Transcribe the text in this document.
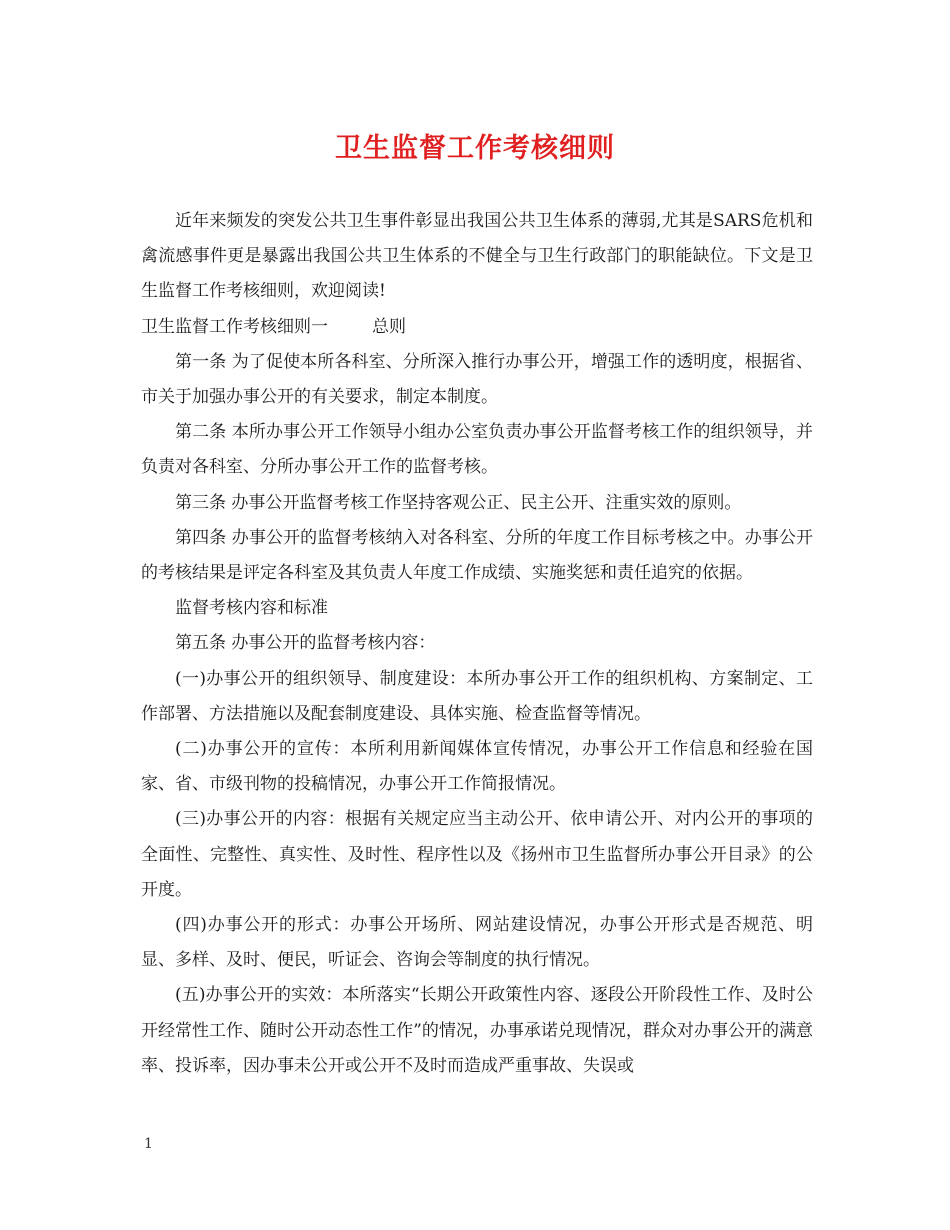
卫生监督工作考核细则

近年来频发的突发公共卫生事件彰显出我国公共卫生体系的薄弱,尤其是SARS危机和禽流感事件更是暴露出我国公共卫生体系的不健全与卫生行政部门的职能缺位。下文是卫生监督工作考核细则，欢迎阅读!

卫生监督工作考核细则一	总则

第一条 为了促使本所各科室、分所深入推行办事公开，增强工作的透明度，根据省、市关于加强办事公开的有关要求，制定本制度。

第二条 本所办事公开工作领导小组办公室负责办事公开监督考核工作的组织领导，并负责对各科室、分所办事公开工作的监督考核。

第三条 办事公开监督考核工作坚持客观公正、民主公开、注重实效的原则。

第四条 办事公开的监督考核纳入对各科室、分所的年度工作目标考核之中。办事公开的考核结果是评定各科室及其负责人年度工作成绩、实施奖惩和责任追究的依据。

监督考核内容和标准

第五条 办事公开的监督考核内容：

(一)办事公开的组织领导、制度建设：本所办事公开工作的组织机构、方案制定、工作部署、方法措施以及配套制度建设、具体实施、检查监督等情况。

(二)办事公开的宣传：本所利用新闻媒体宣传情况，办事公开工作信息和经验在国家、省、市级刊物的投稿情况，办事公开工作简报情况。

(三)办事公开的内容：根据有关规定应当主动公开、依申请公开、对内公开的事项的全面性、完整性、真实性、及时性、程序性以及《扬州市卫生监督所办事公开目录》的公开度。

(四)办事公开的形式：办事公开场所、网站建设情况，办事公开形式是否规范、明显、多样、及时、便民，听证会、咨询会等制度的执行情况。

(五)办事公开的实效：本所落实“长期公开政策性内容、逐段公开阶段性工作、及时公开经常性工作、随时公开动态性工作”的情况，办事承诺兑现情况，群众对办事公开的满意率、投诉率，因办事未公开或公开不及时而造成严重事故、失误或

1
